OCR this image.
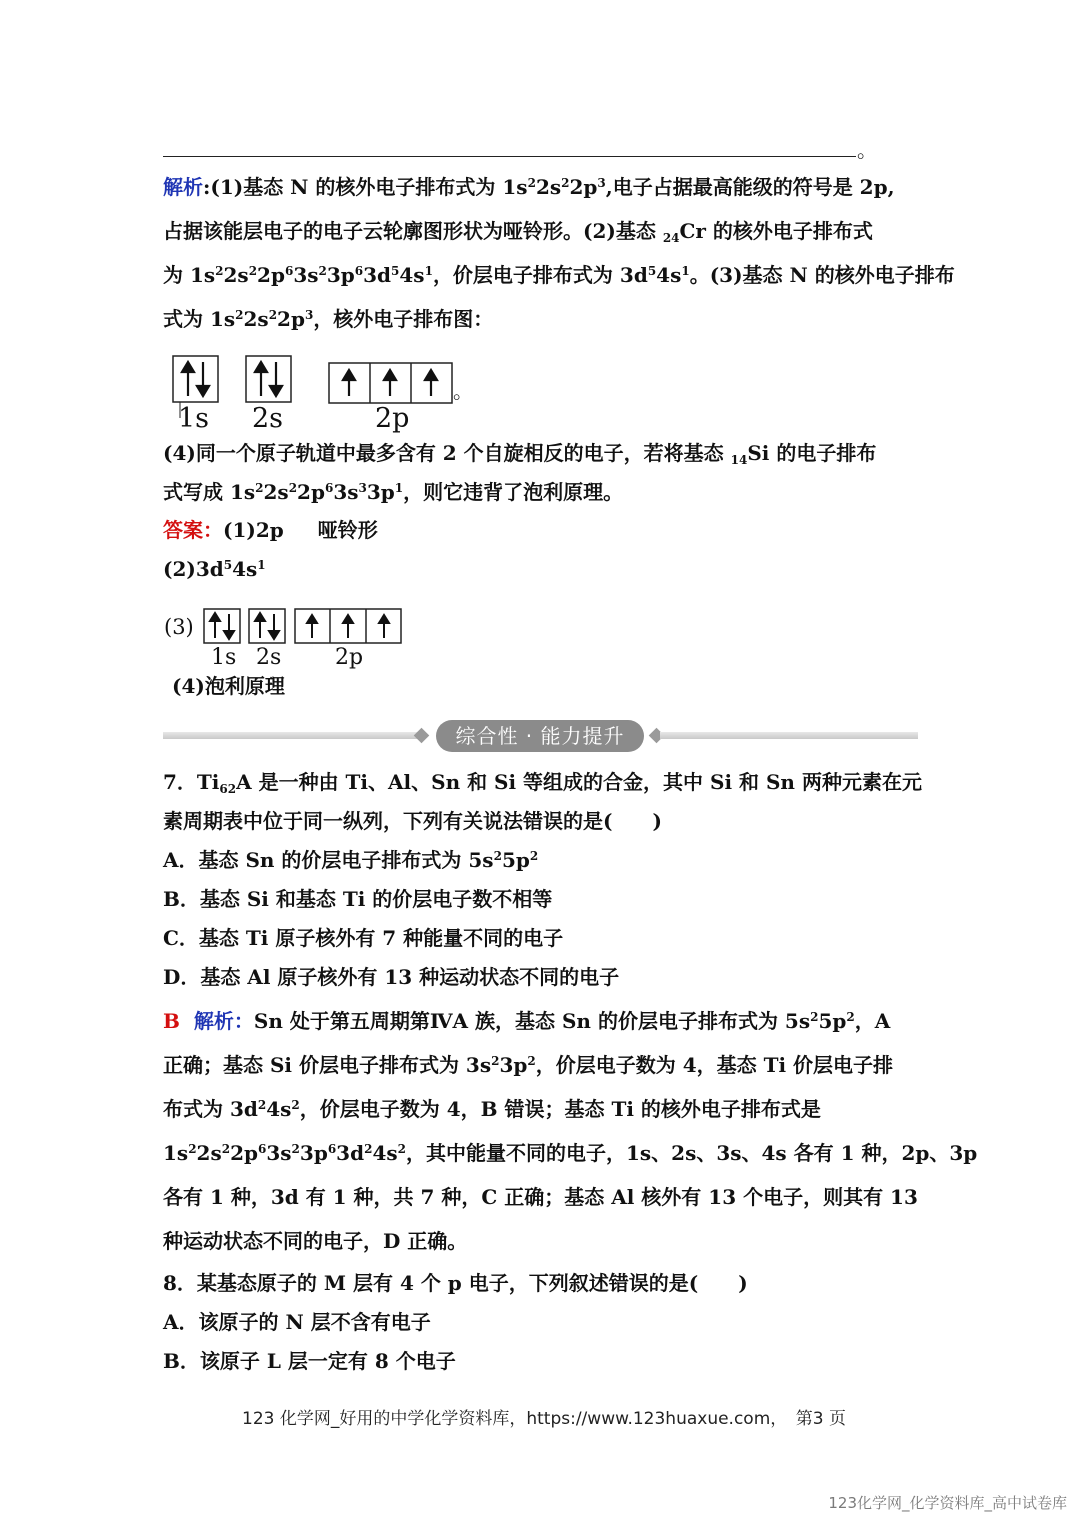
。
解析:(1)基态 N 的核外电子排布式为 $1s^22s^22p^3$,电子占据最高能级的符号是 2p,
占据该能层电子的电子云轮廓图形状为哑铃形。(2)基态 $_{24}$Cr 的核外电子排布式
为 $1s^22s^22p^63s^23p^63d^54s^1$，价层电子排布式为 $3d^54s^1$。(3)基态 N 的核外电子排布
式为 $1s^22s^22p^3$，核外电子排布图：
1s 2s	2p
。
(4)同一个原子轨道中最多含有 2 个自旋相反的电子，若将基态 $_{14}$Si 的电子排布
式写成 $1s^22s^22p^63s^33p^1$，则它违背了泡利原理。
答案：(1)2p 哑铃形
$(2)3d^54s^1$
(3)
1s 2s 2p
(4)泡利原理
综合性 · 能力提升
7．$Ti_{62}A$ 是一种由 Ti、Al、Sn 和 Si 等组成的合金，其中 Si 和 Sn 两种元素在元
素周期表中位于同一纵列，下列有关说法错误的是(　　)
A．基态 Sn 的价层电子排布式为 $5s^25p^2$
B．基态 Si 和基态 Ti 的价层电子数不相等
C．基态 Ti 原子核外有 7 种能量不同的电子
D．基态 Al 原子核外有 13 种运动状态不同的电子
B 解析：Sn 处于第五周期第ⅣA 族，基态 Sn 的价层电子排布式为 $5s^25p^2$，A
正确；基态 Si 价层电子排布式为 $3s^23p^2$，价层电子数为 4，基态 Ti 价层电子排
布式为 $3d^24s^2$，价层电子数为 4，B 错误；基态 Ti 的核外电子排布式是
$1s^22s^22p^63s^23p^63d^24s^2$，其中能量不同的电子，1s、2s、3s、4s 各有 1 种，2p、3p
各有 1 种，3d 有 1 种，共 7 种，C 正确；基态 Al 核外有 13 个电子，则其有 13
种运动状态不同的电子，D 正确。
8．某基态原子的 M 层有 4 个 p 电子，下列叙述错误的是(　　)
A．该原子的 N 层不含有电子
B．该原子 L 层一定有 8 个电子
123 化学网_好用的中学化学资料库，https://www.123huaxue.com，　第3 页
123化学网_化学资料库_高中试卷库
